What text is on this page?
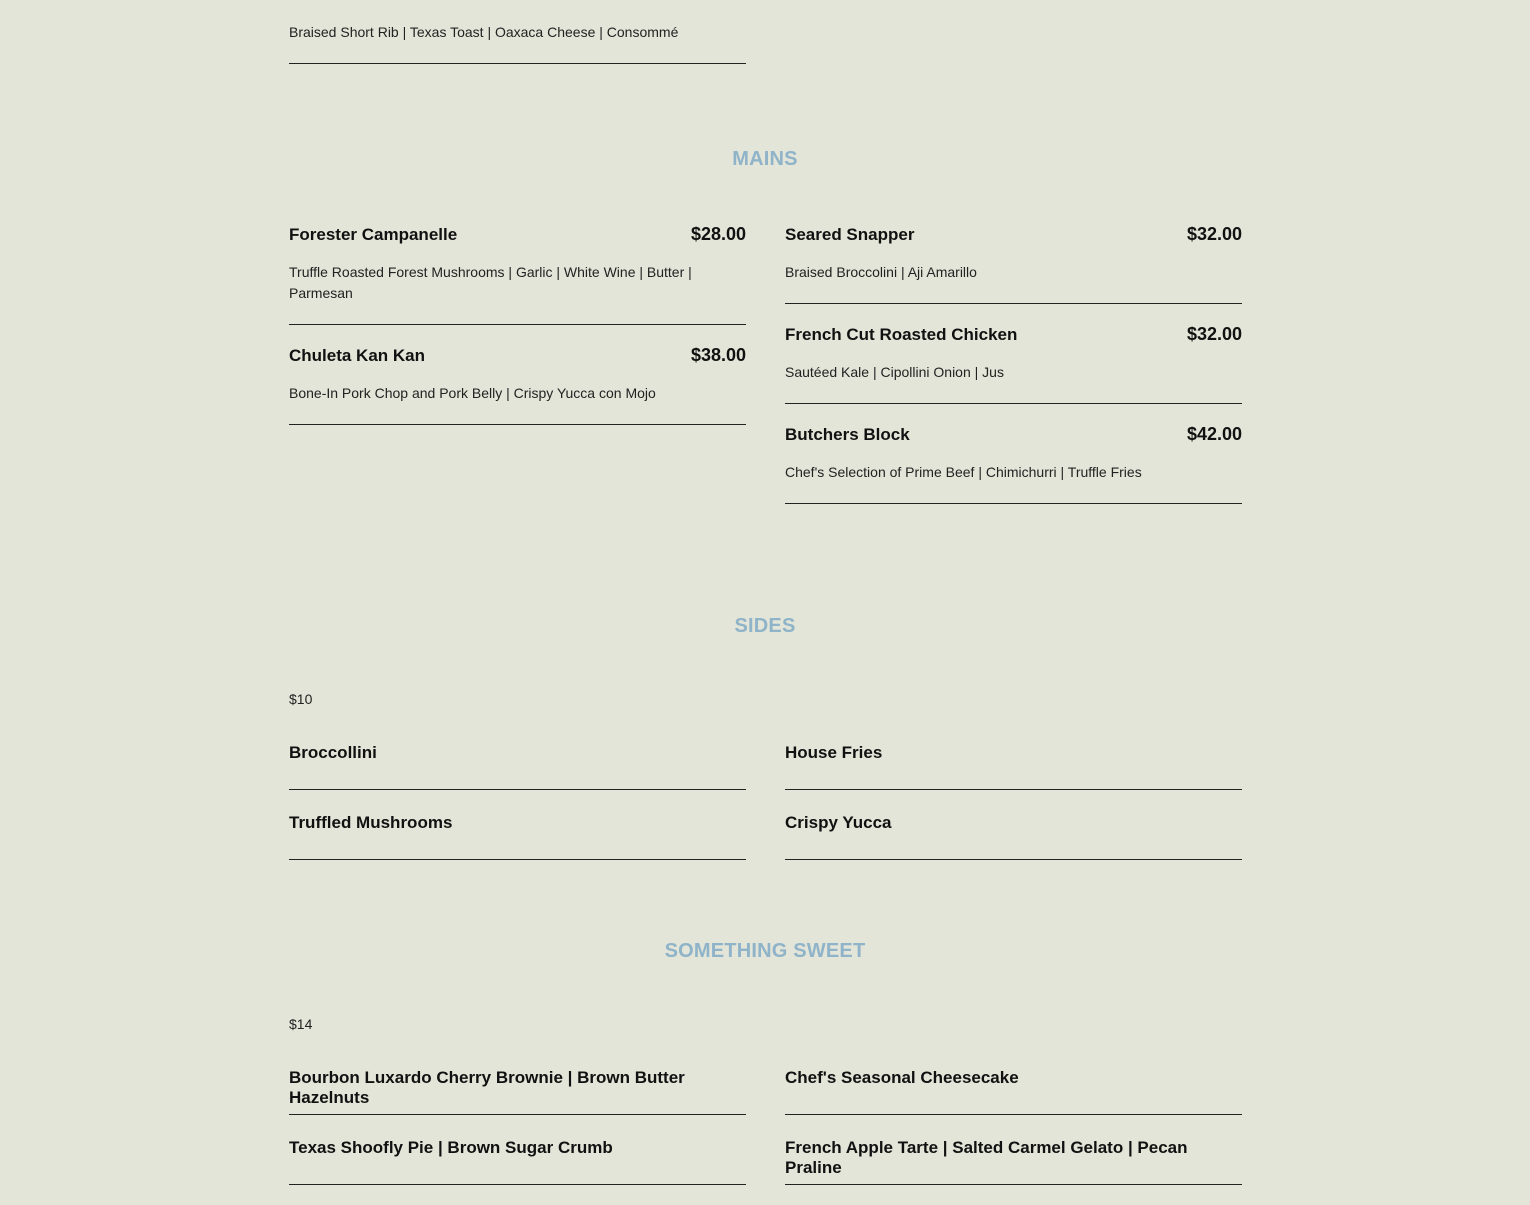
Braised Short Rib | Texas Toast | Oaxaca Cheese | Consommé
MAINS
Forester Campanelle	$28.00
Truffle Roasted Forest Mushrooms | Garlic | White Wine | Butter | Parmesan
Chuleta Kan Kan	$38.00
Bone-In Pork Chop and Pork Belly | Crispy Yucca con Mojo
Seared Snapper	$32.00
Braised Broccolini | Aji Amarillo
French Cut Roasted Chicken	$32.00
Sautéed Kale | Cipollini Onion | Jus
Butchers Block	$42.00
Chef's Selection of Prime Beef | Chimichurri | Truffle Fries
SIDES
$10
Broccollini
Truffled Mushrooms
House Fries
Crispy Yucca
SOMETHING SWEET
$14
Bourbon Luxardo Cherry Brownie | Brown Butter Hazelnuts
Texas Shoofly Pie | Brown Sugar Crumb
Chef's Seasonal Cheesecake
French Apple Tarte | Salted Carmel Gelato | Pecan Praline
